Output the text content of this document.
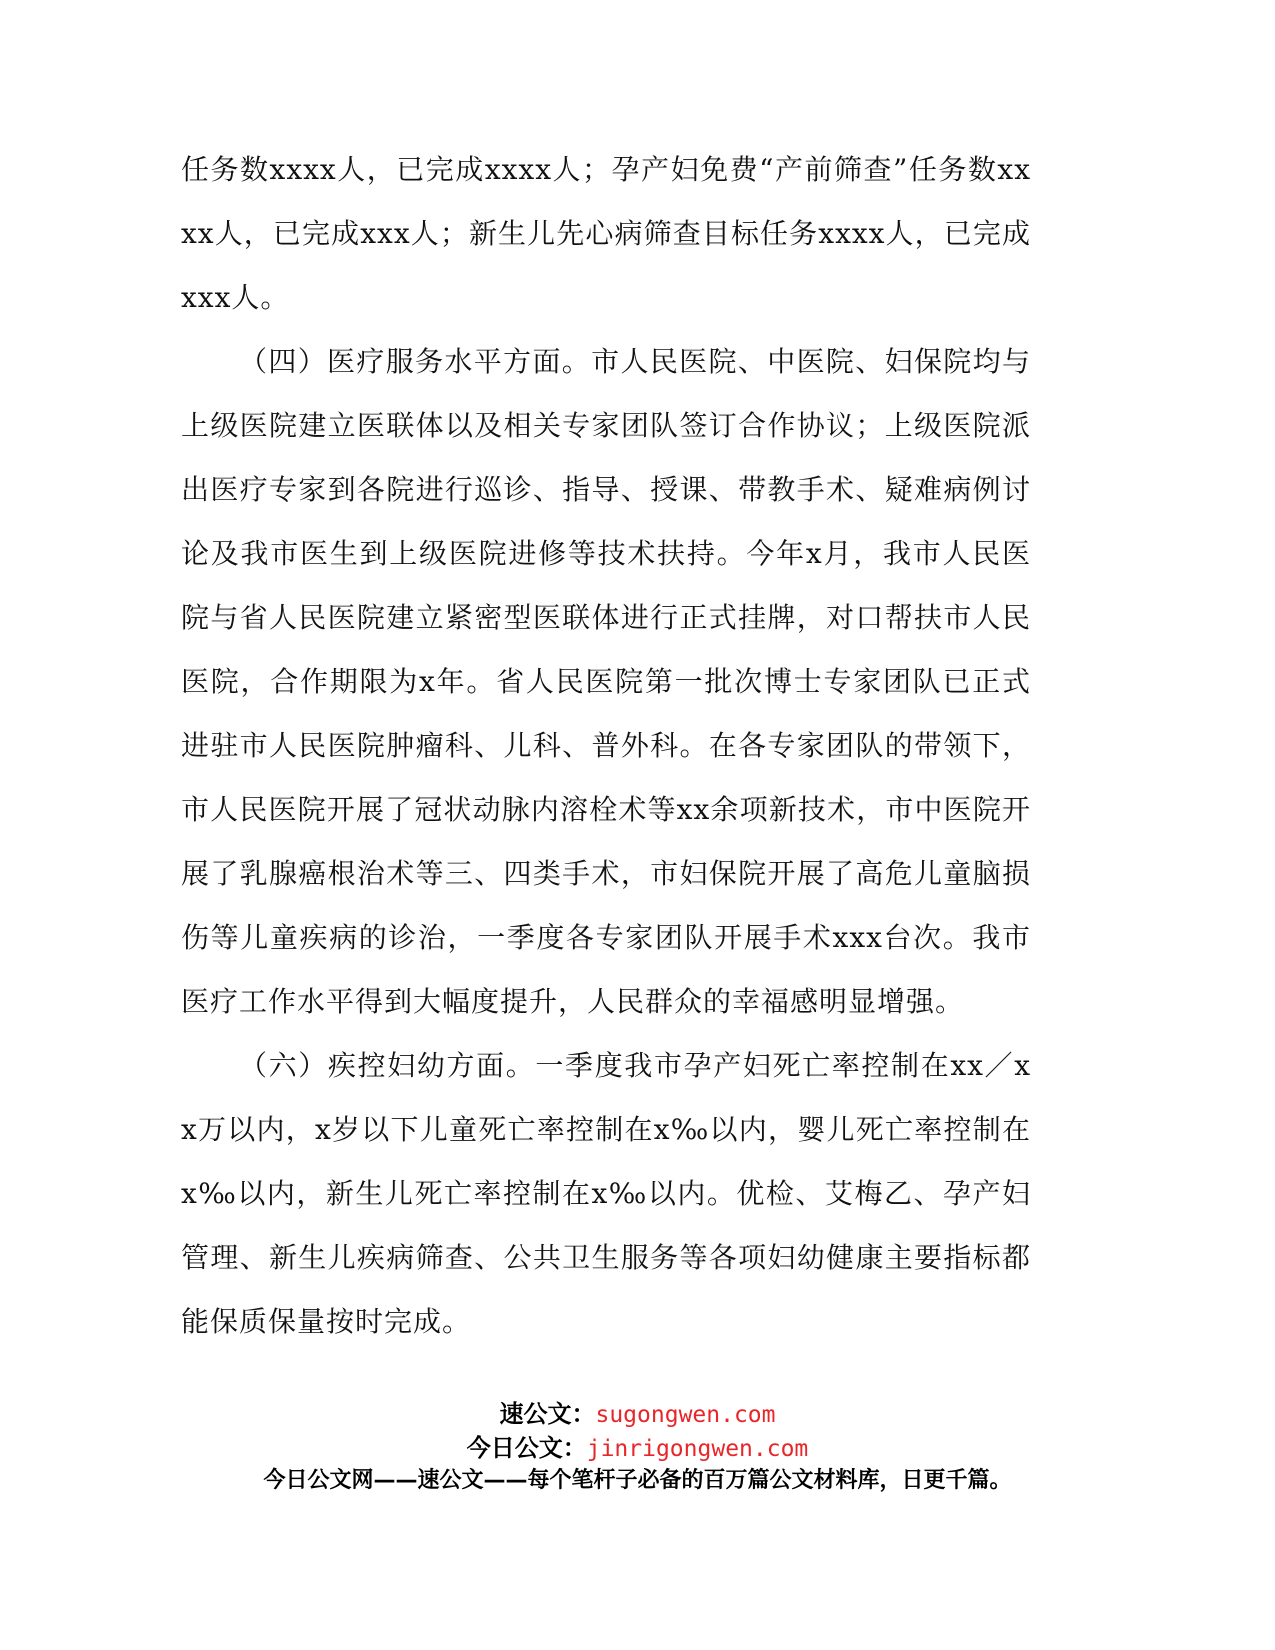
任务数xxxx人，已完成xxxx人；孕产妇免费“产前筛查”任务数xxxx人，已完成xxx人；新生儿先心病筛查目标任务xxxx人，已完成xxx人。

（四）医疗服务水平方面。市人民医院、中医院、妇保院均与上级医院建立医联体以及相关专家团队签订合作协议；上级医院派出医疗专家到各院进行巡诊、指导、授课、带教手术、疑难病例讨论及我市医生到上级医院进修等技术扶持。今年x月，我市人民医院与省人民医院建立紧密型医联体进行正式挂牌，对口帮扶市人民医院，合作期限为x年。省人民医院第一批次博士专家团队已正式进驻市人民医院肿瘤科、儿科、普外科。在各专家团队的带领下，市人民医院开展了冠状动脉内溶栓术等xx余项新技术，市中医院开展了乳腺癌根治术等三、四类手术，市妇保院开展了高危儿童脑损伤等儿童疾病的诊治，一季度各专家团队开展手术xxx台次。我市医疗工作水平得到大幅度提升，人民群众的幸福感明显增强。

（六）疾控妇幼方面。一季度我市孕产妇死亡率控制在xx／xx万以内，x岁以下儿童死亡率控制在x‰以内，婴儿死亡率控制在x‰以内，新生儿死亡率控制在x‰以内。优检、艾梅乙、孕产妇管理、新生儿疾病筛查、公共卫生服务等各项妇幼健康主要指标都能保质保量按时完成。

速公文：sugongwen.com
今日公文：jinrigongwen.com
今日公文网——速公文——每个笔杆子必备的百万篇公文材料库，日更千篇。
